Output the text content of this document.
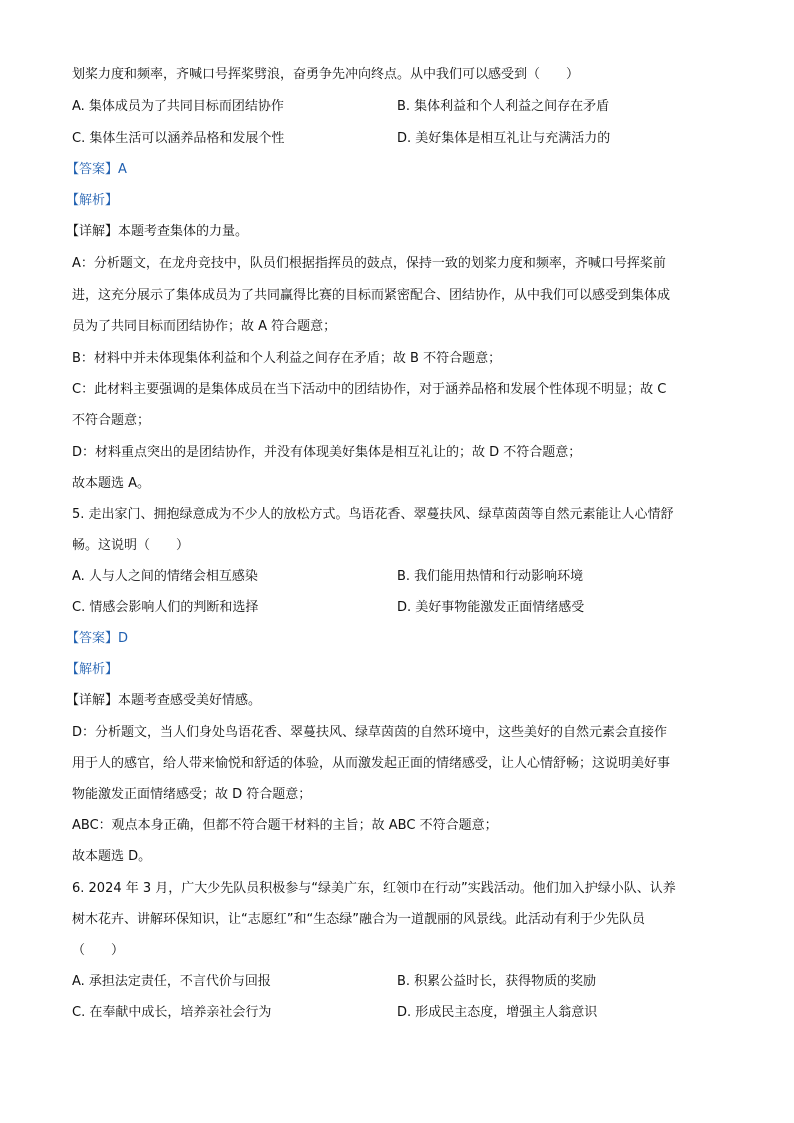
划桨力度和频率，齐喊口号挥桨劈浪，奋勇争先冲向终点。从中我们可以感受到（　　）
A. 集体成员为了共同目标而团结协作	B. 集体利益和个人利益之间存在矛盾
C. 集体生活可以涵养品格和发展个性	D. 美好集体是相互礼让与充满活力的
【答案】A
【解析】
【详解】本题考查集体的力量。
A：分析题文，在龙舟竞技中，队员们根据指挥员的鼓点，保持一致的划桨力度和频率，齐喊口号挥桨前
进，这充分展示了集体成员为了共同赢得比赛的目标而紧密配合、团结协作，从中我们可以感受到集体成
员为了共同目标而团结协作；故 A 符合题意；
B：材料中并未体现集体利益和个人利益之间存在矛盾；故 B 不符合题意；
C：此材料主要强调的是集体成员在当下活动中的团结协作，对于涵养品格和发展个性体现不明显；故 C
不符合题意；
D：材料重点突出的是团结协作，并没有体现美好集体是相互礼让的；故 D 不符合题意；
故本题选 A。
5. 走出家门、拥抱绿意成为不少人的放松方式。鸟语花香、翠蔓扶风、绿草茵茵等自然元素能让人心情舒
畅。这说明（　　）
A. 人与人之间的情绪会相互感染	B. 我们能用热情和行动影响环境
C. 情感会影响人们的判断和选择	D. 美好事物能激发正面情绪感受
【答案】D
【解析】
【详解】本题考查感受美好情感。
D：分析题文，当人们身处鸟语花香、翠蔓扶风、绿草茵茵的自然环境中，这些美好的自然元素会直接作
用于人的感官，给人带来愉悦和舒适的体验，从而激发起正面的情绪感受，让人心情舒畅；这说明美好事
物能激发正面情绪感受；故 D 符合题意；
ABC：观点本身正确，但都不符合题干材料的主旨；故 ABC 不符合题意；
故本题选 D。
6. 2024 年 3 月，广大少先队员积极参与“绿美广东，红领巾在行动”实践活动。他们加入护绿小队、认养
树木花卉、讲解环保知识，让“志愿红”和“生态绿”融合为一道靓丽的风景线。此活动有利于少先队员
（　　）
A. 承担法定责任，不言代价与回报	B. 积累公益时长，获得物质的奖励
C. 在奉献中成长，培养亲社会行为	D. 形成民主态度，增强主人翁意识
